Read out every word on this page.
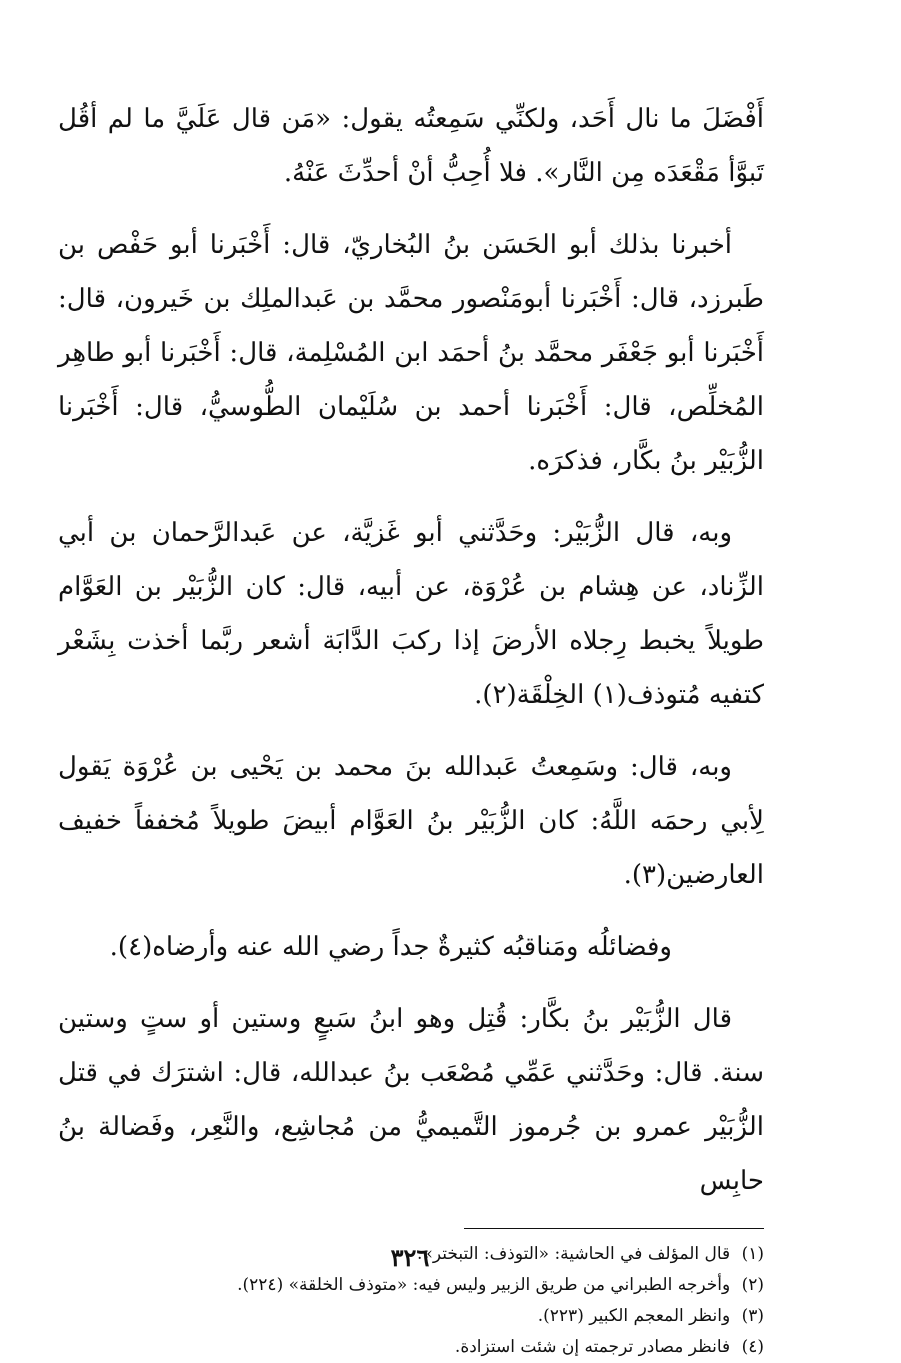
أَفْضَلَ ما نال أَحَد، ولكنِّي سَمِعتُه يقول: «مَن قال عَلَيَّ ما لم أقُل تَبوَّأ مَقْعَدَه مِن النَّار». فلا أُحِبُّ أنْ أحدِّثَ عَنْهُ.

أخبرنا بذلك أبو الحَسَن بنُ البُخاريّ، قال: أَخْبَرنا أبو حَفْص بن طَبرزد، قال: أَخْبَرنا أبومَنْصور محمَّد بن عَبدالملِك بن خَيرون، قال: أَخْبَرنا أبو جَعْفَر محمَّد بنُ أحمَد ابن المُسْلِمة، قال: أَخْبَرنا أبو طاهِر المُخلِّص، قال: أَخْبَرنا أحمد بن سُلَيْمان الطُّوسيُّ، قال: أَخْبَرنا الزُّبَيْر بنُ بكَّار، فذكرَه.

وبه، قال الزُّبَيْر: وحَدَّثني أبو غَزيَّة، عن عَبدالرَّحمان بن أبي الزِّناد، عن هِشام بن عُرْوَة، عن أبيه، قال: كان الزُّبَيْر بن العَوَّام طويلاً يخبط رِجلاه الأرضَ إذا ركبَ الدَّابَة أشعر ربَّما أخذت بِشَعْر كتفيه مُتوذف(١) الخِلْقَة(٢).

وبه، قال: وسَمِعتُ عَبدالله بنَ محمد بن يَحْيى بن عُرْوَة يَقول لِأبي رحمَه اللَّهُ: كان الزُّبَيْر بنُ العَوَّام أبيضَ طويلاً مُخففاً خفيف العارضين(٣).

وفضائلُه ومَناقبُه كثيرةٌ جداً رضي الله عنه وأرضاه(٤).

قال الزُّبَيْر بنُ بكَّار: قُتِل وهو ابنُ سَبعٍ وستين أو ستٍ وستين سنة. قال: وحَدَّثني عَمِّي مُصْعَب بنُ عبدالله، قال: اشترَك في قتل الزُّبَيْر عمرو بن جُرموز التَّميميُّ من مُجاشِع، والنَّعِر، وفَضالة بنُ حابِس

(١) قال المؤلف في الحاشية: «التوذف: التبختر».
(٢) وأخرجه الطبراني من طريق الزبير وليس فيه: «متوذف الخلقة» (٢٢٤).
(٣) وانظر المعجم الكبير (٢٢٣).
(٤) فانظر مصادر ترجمته إن شئت استزادة.
٣٢٦
